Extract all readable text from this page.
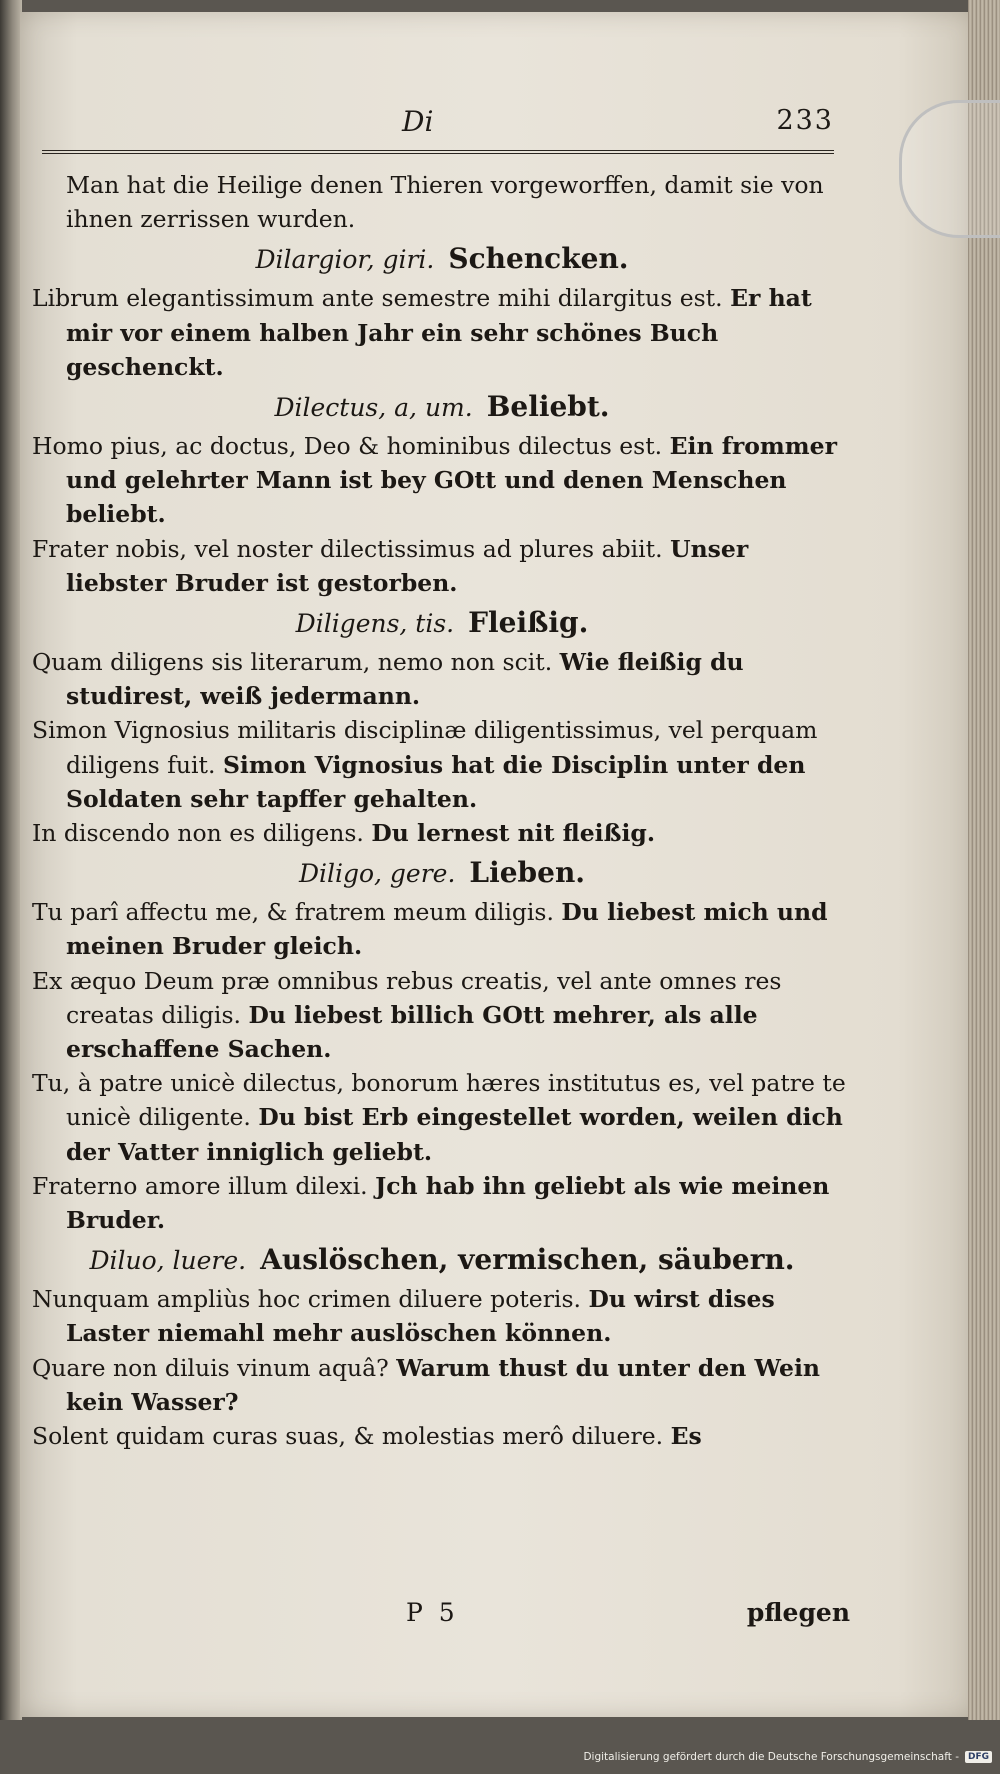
Di	233

Man hat die Heilige denen Thieren vorgeworffen, damit sie von ihnen zerrissen wurden.

Dilargior, giri. Schencken.

Librum elegantissimum ante semestre mihi dilargitus est. Er hat mir vor einem halben Jahr ein sehr schönes Buch geschenckt.

Dilectus, a, um. Beliebt.

Homo pius, ac doctus, Deo & hominibus dilectus est. Ein frommer und gelehrter Mann ist bey GOtt und denen Menschen beliebt.

Frater nobis, vel noster dilectissimus ad plures abiit. Unser liebster Bruder ist gestorben.

Diligens, tis. Fleißig.

Quam diligens sis literarum, nemo non scit. Wie fleißig du studirest, weiß jedermann.

Simon Vignosius militaris disciplinæ diligentissimus, vel perquam diligens fuit. Simon Vignosius hat die Disciplin unter den Soldaten sehr tapffer gehalten.

In discendo non es diligens. Du lernest nit fleißig.

Diligo, gere. Lieben.

Tu parî affectu me, & fratrem meum diligis. Du liebest mich und meinen Bruder gleich.

Ex æquo Deum præ omnibus rebus creatis, vel ante omnes res creatas diligis. Du liebest billich GOtt mehrer, als alle erschaffene Sachen.

Tu, à patre unicè dilectus, bonorum hæres institutus es, vel patre te unicè diligente. Du bist Erb eingestellet worden, weilen dich der Vatter inniglich geliebt.

Fraterno amore illum dilexi. Jch hab ihn geliebt als wie meinen Bruder.

Diluo, luere. Auslöschen, vermischen, säubern.

Nunquam ampliùs hoc crimen diluere poteris. Du wirst dises Laster niemahl mehr auslöschen können.

Quare non diluis vinum aquâ? Warum thust du unter den Wein kein Wasser?

Solent quidam curas suas, & molestias merô diluere. Es

P 5	pflegen
Digitalisierung gefördert durch die Deutsche Forschungsgemeinschaft -	DFG
